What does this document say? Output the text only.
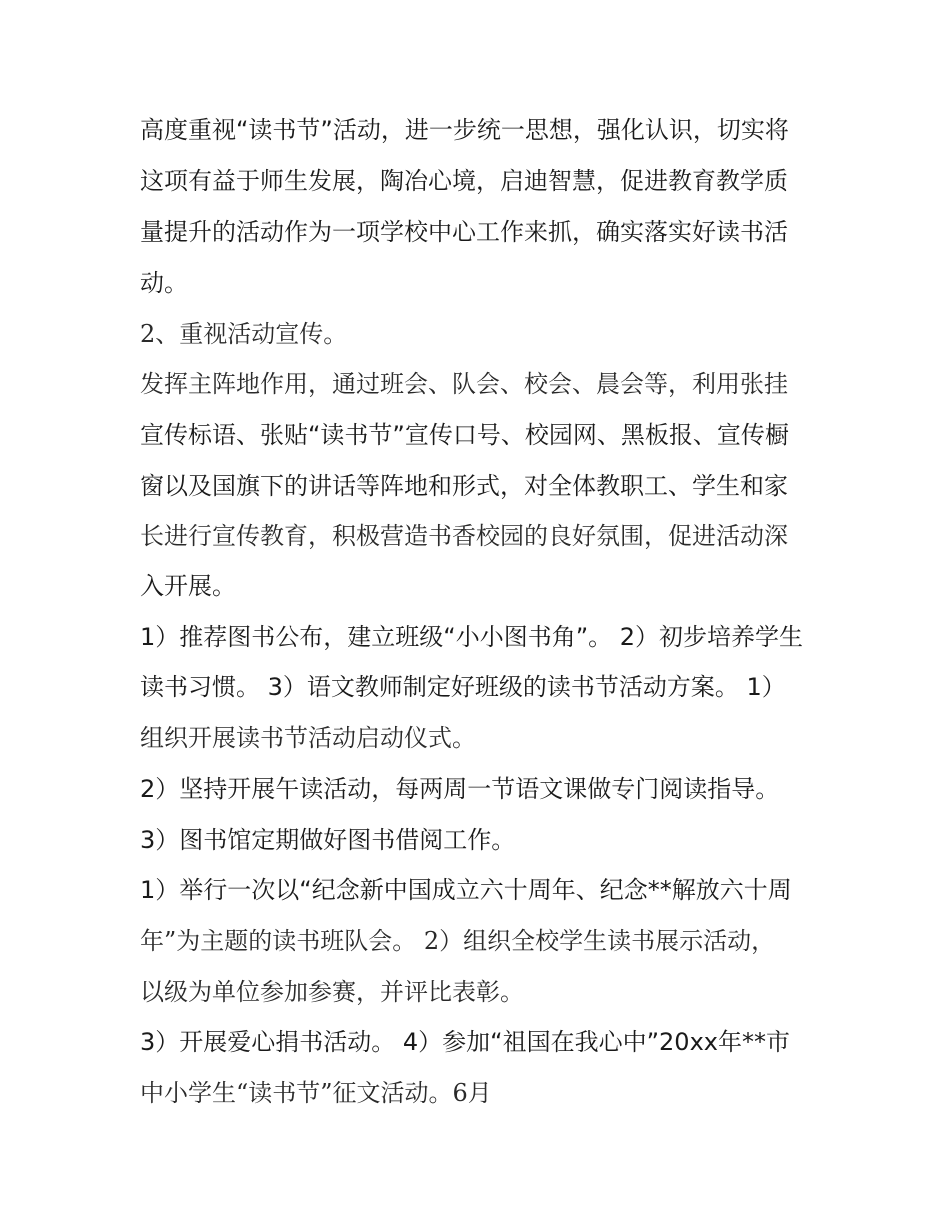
高度重视“读书节”活动，进一步统一思想，强化认识，切实将
这项有益于师生发展，陶冶心境，启迪智慧，促进教育教学质
量提升的活动作为一项学校中心工作来抓，确实落实好读书活
动。
2、重视活动宣传。
发挥主阵地作用，通过班会、队会、校会、晨会等，利用张挂
宣传标语、张贴“读书节”宣传口号、校园网、黑板报、宣传橱
窗以及国旗下的讲话等阵地和形式，对全体教职工、学生和家
长进行宣传教育，积极营造书香校园的良好氛围，促进活动深
入开展。
1）推荐图书公布，建立班级“小小图书角”。 2）初步培养学生
读书习惯。 3）语文教师制定好班级的读书节活动方案。 1）
组织开展读书节活动启动仪式。
2）坚持开展午读活动，每两周一节语文课做专门阅读指导。
3）图书馆定期做好图书借阅工作。
1）举行一次以“纪念新中国成立六十周年、纪念**解放六十周
年”为主题的读书班队会。 2）组织全校学生读书展示活动，
以级为单位参加参赛，并评比表彰。
3）开展爱心捐书活动。 4）参加“祖国在我心中”20xx年**市
中小学生“读书节”征文活动。6月
